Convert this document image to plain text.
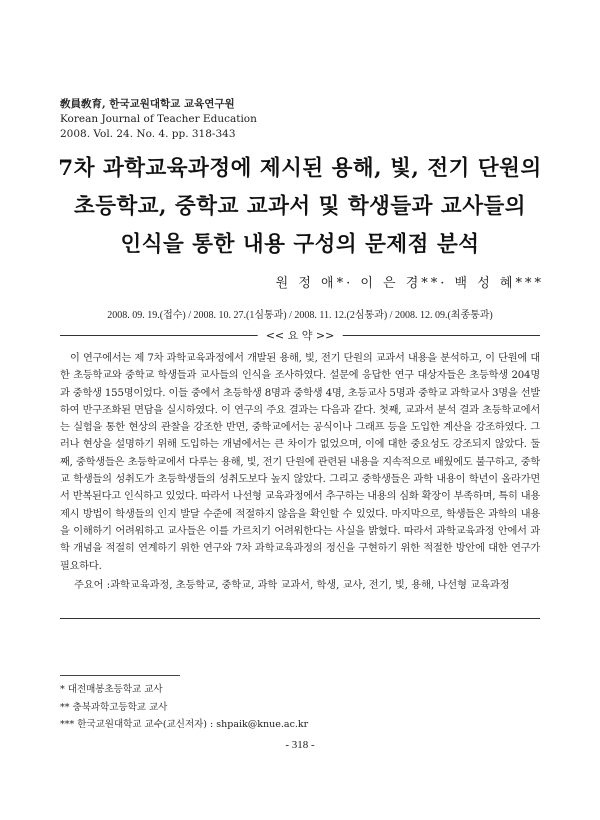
敎員敎育, 한국교원대학교 교육연구원
Korean Journal of Teacher Education
2008. Vol. 24. No. 4. pp. 318-343
7차 과학교육과정에 제시된 용해, 빛, 전기 단원의
초등학교, 중학교 교과서 및 학생들과 교사들의
인식을 통한 내용 구성의 문제점 분석
원 정 애*· 이 은 경**· 백 성 혜***
2008. 09. 19.(접수) / 2008. 10. 27.(1심통과) / 2008. 11. 12.(2심통과) / 2008. 12. 09.(최종통과)
<< 요 약 >>

이 연구에서는 제 7차 과학교육과정에서 개발된 용해, 빛, 전기 단원의 교과서 내용을 분석하고, 이 단원에 대한 초등학교와 중학교 학생들과 교사들의 인식을 조사하였다. 설문에 응답한 연구 대상자들은 초등학생 204명과 중학생 155명이었다. 이들 중에서 초등학생 8명과 중학생 4명, 초등교사 5명과 중학교 과학교사 3명을 선발하여 반구조화된 면담을 실시하였다. 이 연구의 주요 결과는 다음과 같다. 첫째, 교과서 분석 결과 초등학교에서는 실험을 통한 현상의 관찰을 강조한 반면, 중학교에서는 공식이나 그래프 등을 도입한 계산을 강조하였다. 그러나 현상을 설명하기 위해 도입하는 개념에서는 큰 차이가 없었으며, 이에 대한 중요성도 강조되지 않았다. 둘째, 중학생들은 초등학교에서 다루는 용해, 빛, 전기 단원에 관련된 내용을 지속적으로 배웠에도 불구하고, 중학교 학생들의 성취도가 초등학생들의 성취도보다 높지 않았다. 그리고 중학생들은 과학 내용이 학년이 올라가면서 반복된다고 인식하고 있었다. 따라서 나선형 교육과정에서 추구하는 내용의 심화 확장이 부족하며, 특히 내용 제시 방법이 학생들의 인지 발달 수준에 적절하지 않음을 확인할 수 있었다. 마지막으로, 학생들은 과학의 내용을 이해하기 어려워하고 교사들은 이를 가르치기 어려워한다는 사실을 밝혔다. 따라서 과학교육과정 안에서 과학 개념을 적절히 연계하기 위한 연구와 7차 과학교육과정의 정신을 구현하기 위한 적절한 방안에 대한 연구가 필요하다.

주요어 : 과학교육과정, 초등학교, 중학교, 과학 교과서, 학생, 교사, 전기, 빛, 용해, 나선형 교육과정
* 대전매봉초등학교 교사
** 충북과학고등학교 교사
*** 한국교원대학교 교수(교신저자) : shpaik@knue.ac.kr
- 318 -
